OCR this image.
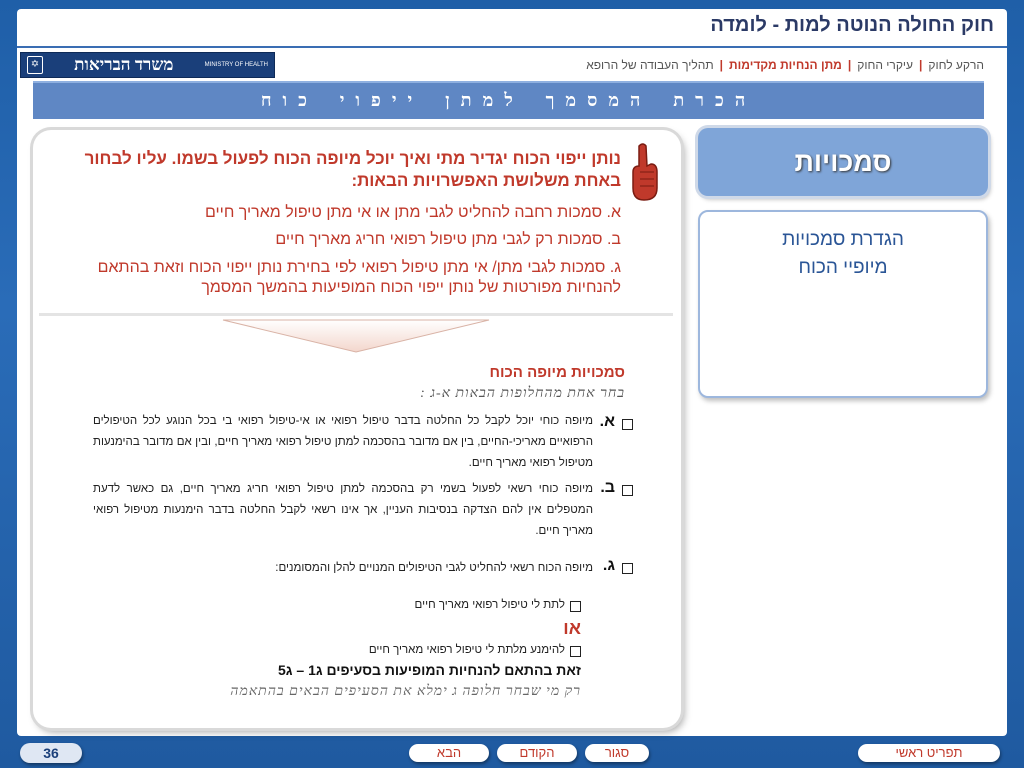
חוק החולה הנוטה למות - לומדה
הרקע לחוק
|
עיקרי החוק
|
מתן הנחיות מקדימות
|
תהליך העבודה של הרופא
MINISTRY OF HEALTH
משרד הבריאות
✡
הכרת המסמך למתן ייפוי כוח
נותן ייפוי הכוח יגדיר מתי ואיך יוכל מיופה הכוח לפעול בשמו. עליו לבחור באחת משלושת האפשרויות הבאות:
א. סמכות רחבה להחליט לגבי מתן או אי מתן טיפול מאריך חיים
ב. סמכות רק לגבי מתן טיפול רפואי חריג מאריך חיים
ג. סמכות לגבי מתן/ אי מתן טיפול רפואי לפי בחירת נותן ייפוי הכוח וזאת בהתאם להנחיות מפורטות של נותן ייפוי הכוח המופיעות בהמשך המסמך
סמכויות מיופה הכוח
בחר אחת מהחלופות הבאות א-ג :
א.
מיופה כוחי יוכל לקבל כל החלטה בדבר טיפול רפואי או אי-טיפול רפואי בי בכל הנוגע לכל הטיפולים הרפואיים מאריכי-החיים, בין אם מדובר בהסכמה למתן טיפול רפואי מאריך חיים, ובין אם מדובר בהימנעות מטיפול רפואי מאריך חיים.
ב.
מיופה כוחי רשאי לפעול בשמי רק בהסכמה למתן טיפול רפואי חריג מאריך חיים, גם כאשר לדעת המטפלים אין להם הצדקה בנסיבות העניין, אך אינו רשאי לקבל החלטה בדבר הימנעות מטיפול רפואי מאריך חיים.
ג.
מיופה הכוח רשאי להחליט לגבי הטיפולים המנויים להלן והמסומנים:
לתת לי טיפול רפואי מאריך חיים
או
להימנע מלתת לי טיפול רפואי מאריך חיים
זאת בהתאם להנחיות המופיעות בסעיפים ג1 – ג5
רק מי שבחר חלופה ג ימלא את הסעיפים הבאים בהתאמה
סמכויות
הגדרת סמכויות
מיופיי הכוח
36	הבא	הקודם	סגור	תפריט ראשי
